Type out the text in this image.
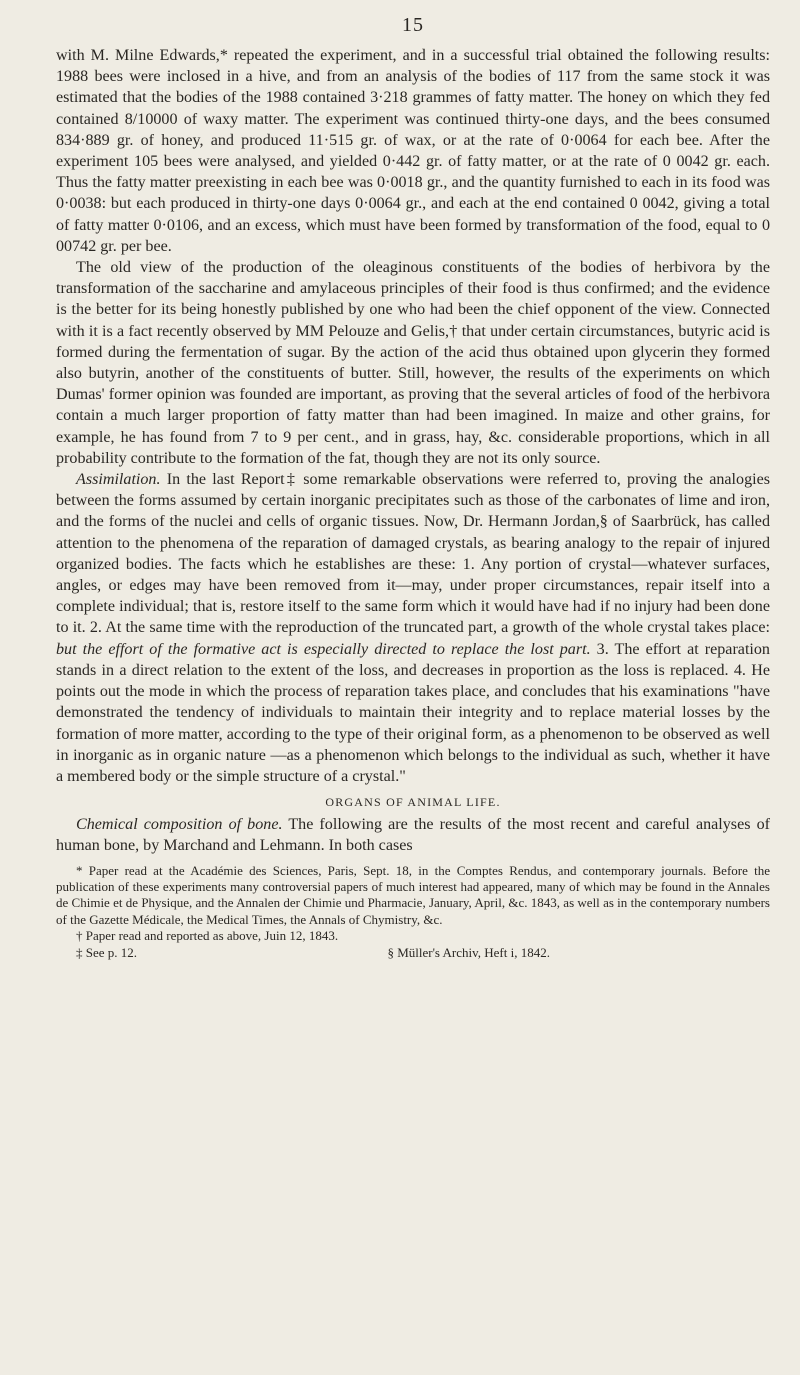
15

with M. Milne Edwards,* repeated the experiment, and in a successful trial obtained the following results: 1988 bees were inclosed in a hive, and from an analysis of the bodies of 117 from the same stock it was estimated that the bodies of the 1988 contained 3·218 grammes of fatty matter. The honey on which they fed contained 8/10000 of waxy matter. The experiment was continued thirty-one days, and the bees consumed 834·889 gr. of honey, and produced 11·515 gr. of wax, or at the rate of 0·0064 for each bee. After the experiment 105 bees were analysed, and yielded 0·442 gr. of fatty matter, or at the rate of 0 0042 gr. each. Thus the fatty matter preexisting in each bee was 0·0018 gr., and the quantity furnished to each in its food was 0·0038: but each produced in thirty-one days 0·0064 gr., and each at the end contained 0 0042, giving a total of fatty matter 0·0106, and an excess, which must have been formed by transformation of the food, equal to 0 00742 gr. per bee.

The old view of the production of the oleaginous constituents of the bodies of herbivora by the transformation of the saccharine and amylaceous principles of their food is thus confirmed; and the evidence is the better for its being honestly published by one who had been the chief opponent of the view. Connected with it is a fact recently observed by MM Pelouze and Gelis,† that under certain circumstances, butyric acid is formed during the fermentation of sugar. By the action of the acid thus obtained upon glycerin they formed also butyrin, another of the constituents of butter. Still, however, the results of the experiments on which Dumas' former opinion was founded are important, as proving that the several articles of food of the herbivora contain a much larger proportion of fatty matter than had been imagined. In maize and other grains, for example, he has found from 7 to 9 per cent., and in grass, hay, &c. considerable proportions, which in all probability contribute to the formation of the fat, though they are not its only source.

Assimilation. In the last Report‡ some remarkable observations were referred to, proving the analogies between the forms assumed by certain inorganic precipitates such as those of the carbonates of lime and iron, and the forms of the nuclei and cells of organic tissues. Now, Dr. Hermann Jordan,§ of Saarbrück, has called attention to the phenomena of the reparation of damaged crystals, as bearing analogy to the repair of injured organized bodies. The facts which he establishes are these: 1. Any portion of crystal—whatever surfaces, angles, or edges may have been removed from it—may, under proper circumstances, repair itself into a complete individual; that is, restore itself to the same form which it would have had if no injury had been done to it. 2. At the same time with the reproduction of the truncated part, a growth of the whole crystal takes place: but the effort of the formative act is especially directed to replace the lost part. 3. The effort at reparation stands in a direct relation to the extent of the loss, and decreases in proportion as the loss is replaced. 4. He points out the mode in which the process of reparation takes place, and concludes that his examinations "have demonstrated the tendency of individuals to maintain their integrity and to replace material losses by the formation of more matter, according to the type of their original form, as a phenomenon to be observed as well in inorganic as in organic nature —as a phenomenon which belongs to the individual as such, whether it have a membered body or the simple structure of a crystal."

ORGANS OF ANIMAL LIFE.

Chemical composition of bone. The following are the results of the most recent and careful analyses of human bone, by Marchand and Lehmann. In both cases

* Paper read at the Académie des Sciences, Paris, Sept. 18, in the Comptes Rendus, and contemporary journals. Before the publication of these experiments many controversial papers of much interest had appeared, many of which may be found in the Annales de Chimie et de Physique, and the Annalen der Chimie und Pharmacie, January, April, &c. 1843, as well as in the contemporary numbers of the Gazette Médicale, the Medical Times, the Annals of Chymistry, &c.

† Paper read and reported as above, Juin 12, 1843.

‡ See p. 12.	§ Müller's Archiv, Heft i, 1842.
